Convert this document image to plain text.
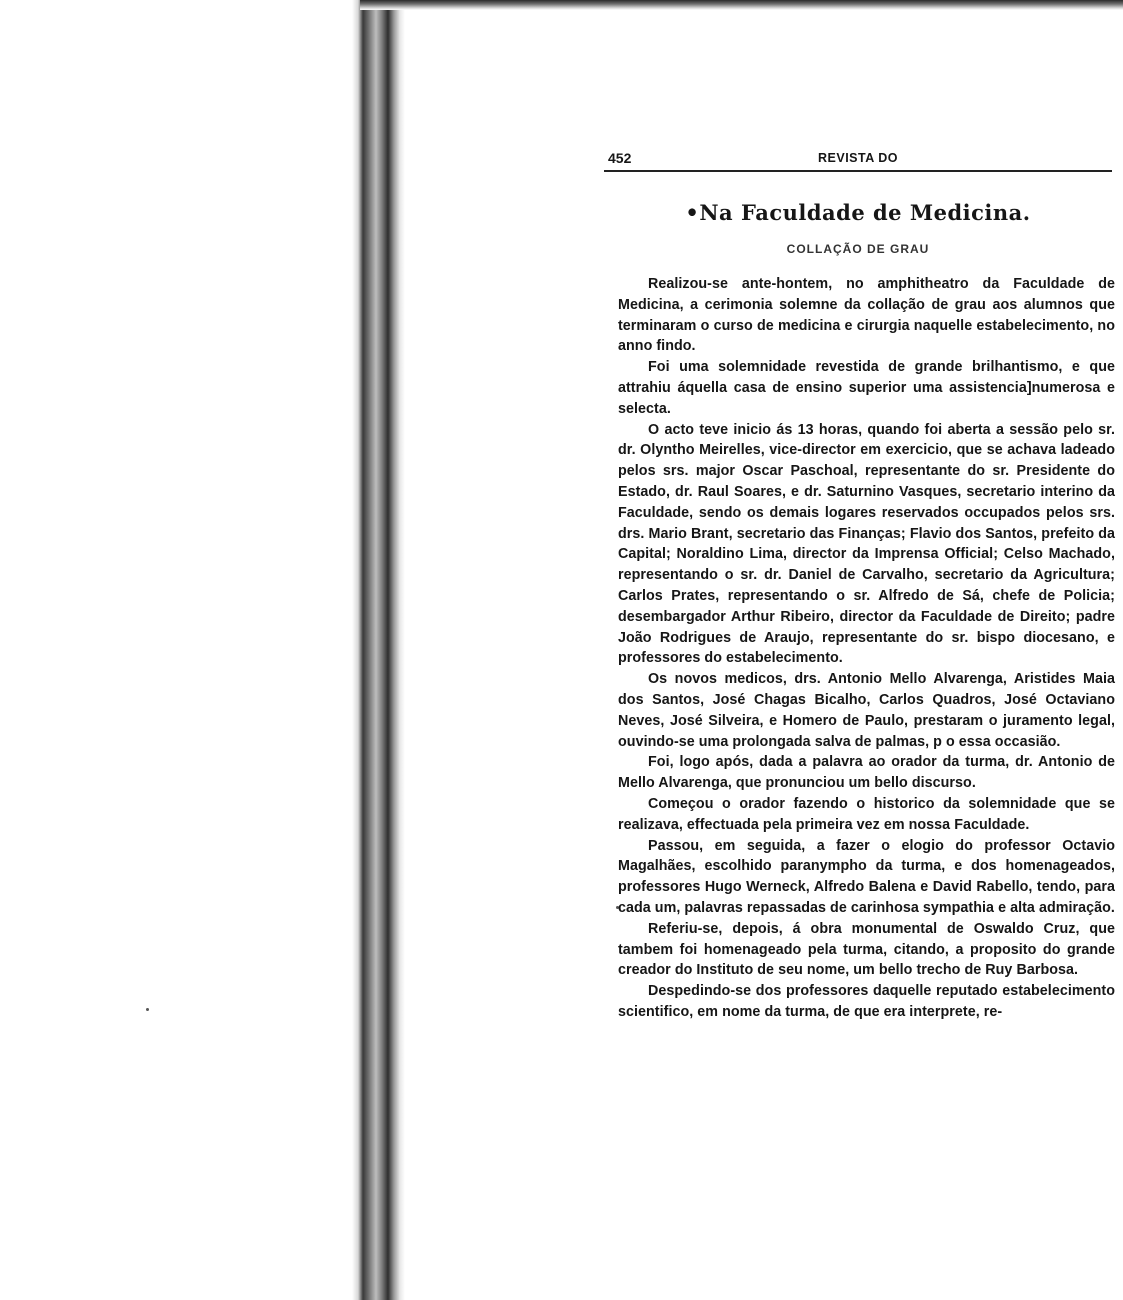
452	REVISTA DO
•Na Faculdade de Medicina.
COLLAÇÃO DE GRAU

Realizou-se ante-hontem, no amphitheatro da Faculdade de Medicina, a cerimonia solemne da collação de grau aos alumnos que terminaram o curso de medicina e cirurgia naquelle estabelecimento, no anno findo.

Foi uma solemnidade revestida de grande brilhantismo, e que attrahiu áquella casa de ensino superior uma assistencia]numerosa e selecta.

O acto teve inicio ás 13 horas, quando foi aberta a sessão pelo sr. dr. Olyntho Meirelles, vice-director em exercicio, que se achava ladeado pelos srs. major Oscar Paschoal, representante do sr. Presidente do Estado, dr. Raul Soares, e dr. Saturnino Vasques, secretario interino da Faculdade, sendo os demais logares reservados occupados pelos srs. drs. Mario Brant, secretario das Finanças; Flavio dos Santos, prefeito da Capital; Noraldino Lima, director da Imprensa Official; Celso Machado, representando o sr. dr. Daniel de Carvalho, secretario da Agricultura; Carlos Prates, representando o sr. Alfredo de Sá, chefe de Policia; desembargador Arthur Ribeiro, director da Faculdade de Direito; padre João Rodrigues de Araujo, representante do sr. bispo diocesano, e professores do estabelecimento.

Os novos medicos, drs. Antonio Mello Alvarenga, Aristides Maia dos Santos, José Chagas Bicalho, Carlos Quadros, José Octaviano Neves, José Silveira, e Homero de Paulo, prestaram o juramento legal, ouvindo-se uma prolongada salva de palmas, p o essa occasião.

Foi, logo após, dada a palavra ao orador da turma, dr. Antonio de Mello Alvarenga, que pronunciou um bello discurso.

Começou o orador fazendo o historico da solemnidade que se realizava, effectuada pela primeira vez em nossa Faculdade.

Passou, em seguida, a fazer o elogio do professor Octavio Magalhães, escolhido paranympho da turma, e dos homenageados, professores Hugo Werneck, Alfredo Balena e David Rabello, tendo, para cada um, palavras repassadas de carinhosa sympathia e alta admiração.

Referiu-se, depois, á obra monumental de Oswaldo Cruz, que tambem foi homenageado pela turma, citando, a proposito do grande creador do Instituto de seu nome, um bello trecho de Ruy Barbosa.

Despedindo-se dos professores daquelle reputado estabelecimento scientifico, em nome da turma, de que era interprete, re-
